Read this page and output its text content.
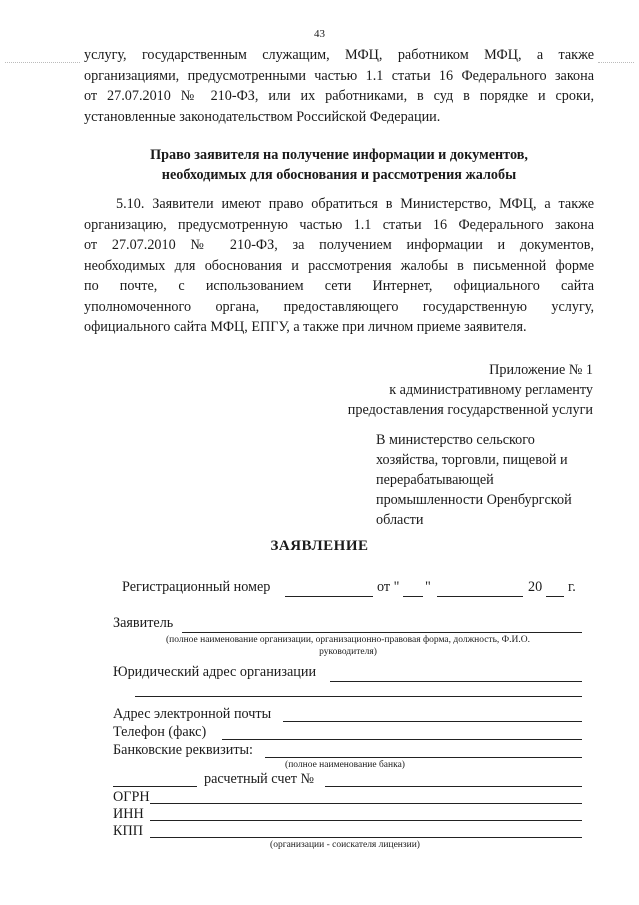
43
услугу, государственным служащим, МФЦ, работником МФЦ, а также
организациями, предусмотренными частью 1.1 статьи 16 Федерального закона
от 27.07.2010 № 210-ФЗ, или их работниками, в суд в порядке и сроки,
установленные законодательством Российской Федерации.
Право заявителя на получение информации и документов,
необходимых для обоснования и рассмотрения жалобы
5.10. Заявители имеют право обратиться в Министерство, МФЦ, а также
организацию, предусмотренную частью 1.1 статьи 16 Федерального закона
от 27.07.2010 № 210-ФЗ, за получением информации и документов,
необходимых для обоснования и рассмотрения жалобы в письменной форме
по почте, с использованием сети Интернет, официального сайта
уполномоченного органа, предоставляющего государственную услугу,
официального сайта МФЦ, ЕПГУ, а также при личном приеме заявителя.
Приложение № 1
к административному регламенту
предоставления государственной услуги
В министерство сельского
хозяйства, торговли, пищевой и
перерабатывающей
промышленности Оренбургской
области
ЗАЯВЛЕНИЕ
Регистрационный номер	от " "	20 г.
Заявитель
(полное наименование организации, организационно-правовая форма, должность, Ф.И.О.
руководителя)
Юридический адрес организации
Адрес электронной почты
Телефон (факс)
Банковские реквизиты:
(полное наименование банка)
расчетный счет №
ОГРН
ИНН
КПП
(организации - соискателя лицензии)
